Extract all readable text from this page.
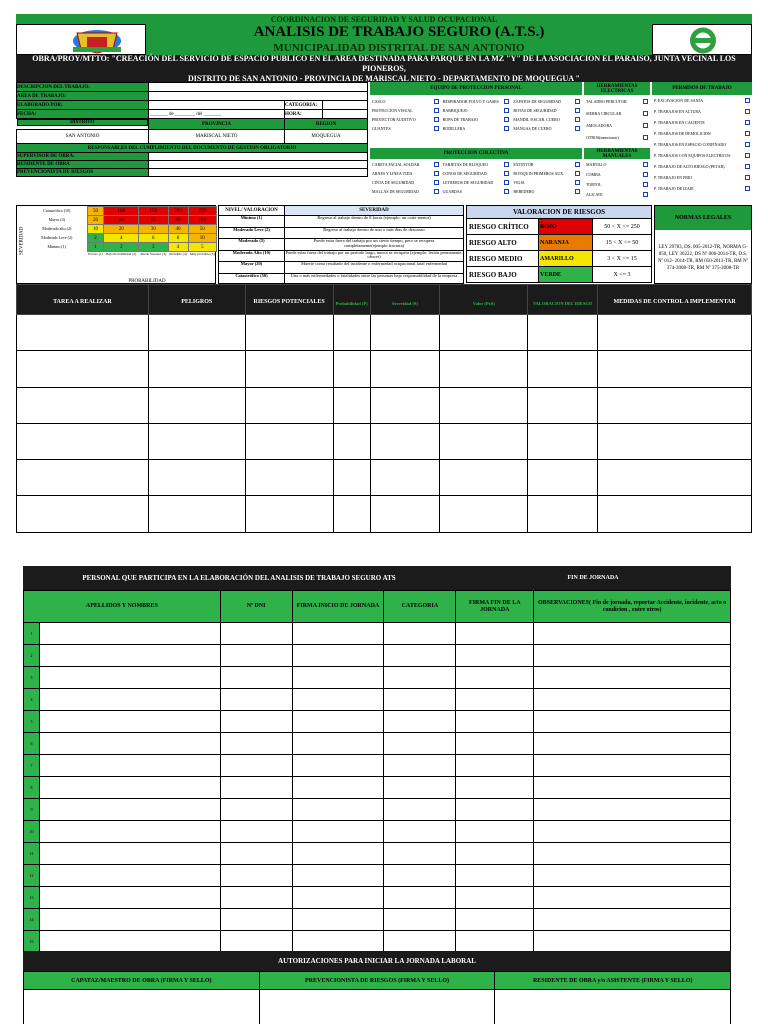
COORDINACION DE SEGURIDAD Y SALUD OCUPACIONAL
ANALISIS DE TRABAJO SEGURO (A.T.S.)
MUNICIPALIDAD DISTRITAL DE SAN ANTONIO
OBRA/PROY/MTTO: "CREACIÓN DEL SERVICIO DE ESPACIO PUBLICO EN EL AREA DESTINADA PARA PARQUE EN LA MZ "Y" DE LA ASOCIACION EL PARAISO, JUNTA VECINAL LOS PIONEROS,
DISTRITO DE SAN ANTONIO - PROVINCIA DE MARISCAL NIETO - DEPARTAMENTO DE MOQUEGUA "
DESCRIPCION DEL TRABAJO:			
AREA DE TRABAJO:			
ELABORADO POR:		CATEGORIA:	
FECHA:	_______ de ________ del _______	HORA:	

DISTRITO	PROVINCIA	REGION	
SAN ANTONIO	MARISCAL NIETO	MOQUEGUA	
RESPONSABLES DEL CUMPLIMIENTO DEL DOCUMENTO DE GESTION OBLIGATORIO			
SUPERVISOR DE OBRA:			
RESIDENTE DE OBRA			
PREVENCIONISTA DE RIESGOS			
EQUIPO DE PROTECCION PERSONAL
CASCO	RESPIRADOR POLVO Y GASES	ZAPATOS DE SEGURIDAD
PROTECCION VISUAL	BARBIQUEJO	BOTAS DE SEGURIDAD
PROTECTOR AUDITIVO	ROPA DE TRABAJO	MANDIL /ESCAR. CUERO
GUANTES	RODILLERA	MANGAS DE CUERO
HERRAMIENTAS ELECTRICAS
TALADRO PERCUTOR
SIERRA CIRCULAR
AMOLADORA
OTROS(mencionar)
PERMISOS DE TRABAJO
P. EXCAVACION DE SANJA
P. TRABAJOS EN ALTURA
P. TRABAJOS EN CALIENTE
P. TRABAJOS DE DEMOLICION
P. TRABAJOS EN ESPACIO CONFINADO
P. TRABAJOS CON EQUIPOS ELECTRICOS
P. TRABAJO DE ALTO RIESGO (PETAR)
P. TRABAJO EN FRIO
P. TRABAJO DE IZAJE
PROTECCION COLECTIVA
CARETA FACIAL SOLDAR	TARJETAS DE BLOQUEO	EXTINTOR
ARNES Y LINEA VIDA	CONOS DE SEGURIDAD	BOTIQUIN PRIMEROS AUX.
CINTA DE SEGURIDAD	LETREROS DE SEGURIDAD	VIGIA
MALLAS DE SEGURIDAD	GUARDAS	BEBEDERO
HERRAMIENTAS MANUALES
MARTILLO
COMBA
TORTOL
ALICATE
SEVERIDAD
Catastrófico (10)	50	100	150	200	250
Mayor (4)	20	40	60	80	100
Moderado alto (2)	10	20	30	40	50
Moderado Leve (2)	2	4	6	8	10
Mínimo (1)	1	2	3	4	5
	Escaso (1)	Baja Probabilidad (2)	Puede Suceder (3)	Probable (4)	Muy probable (5)
PROBABILIDAD
NIVEL/ VALORACION	SEVERIDAD
Mínimo (1)	Regreso al trabajo dentro de 8 horas (ejemplo: un corte menor)
Moderado Leve (2)	Regreso al trabajo dentro de uno o más días de descanso
Moderado (5)	Puede estar fuera del trabajo por un cierto tiempo, pero se recupera completamente(ejemplo:fractura)
Moderado Alto (10)	Puede estar fuera del trabajo por un período largo, nunca se recupera (ejemplo: lesión permanente, cáncer)
Mayor (20)	Muerte como resultado del incidente o enfermedad ocupacional fatal enfermedad
Catastrófico (50)	Una o más enfermedades o fatalidades entre las personas bajo responsabilidad de la empresa
VALORACION DE RIESGOS
RIESGO CRÍTICO	ROJO	50 < X <= 250
RIESGO ALTO	NARANJA	15 < X <= 50
RIESGO MEDIO	AMARILLO	3 < X <= 15
RIESGO BAJO	VERDE	X <= 3
NORMAS LEGALES
LEY 29783, DS. 005-2012-TR, NORMA G-050, LEY 30222, DS Nº 006-2014-TR, D.S. Nº 012- 2014-TR, RM 050-2013-TR, RM Nº 374-2008-TR, RM Nº 375-2008-TR
TAREA A REALIZAR	PELIGROS	RIESGOS POTENCIALES	Probabilidad (P)	Severidad (S)	Valor (PxS)	VALORACION DEL RIESGO	MEDIDAS DE CONTROL A IMPLEMENTAR

PERSONAL QUE PARTICIPA EN LA ELABORACIÓN DEL ANALISIS DE TRABAJO SEGURO ATS	FIN DE JORNADA
APELLIDOS Y NOMBRES	Nº DNI	FIRMA INICIO DE JORNADA	CATEGORIA	FIRMA FIN DE LA JORNADA	OBSERVACIONES( Fin de jornada, reportar Accidente, incidente, acto o condicion , entre otros)

1					

2					

3					

4					

5					

6					

7					

8					

9					

10					

11					

12					

13					

14					

15					

AUTORIZACIONES PARA INICIAR LA JORNADA LABORAL
CAPATAZ/MAESTRO DE OBRA (FIRMA Y SELLO)	PREVENCIONISTA DE RIESGOS (FIRMA Y SELLO)	RESIDENTE DE OBRA y/o ASISTENTE (FIRMA Y SELLO)
